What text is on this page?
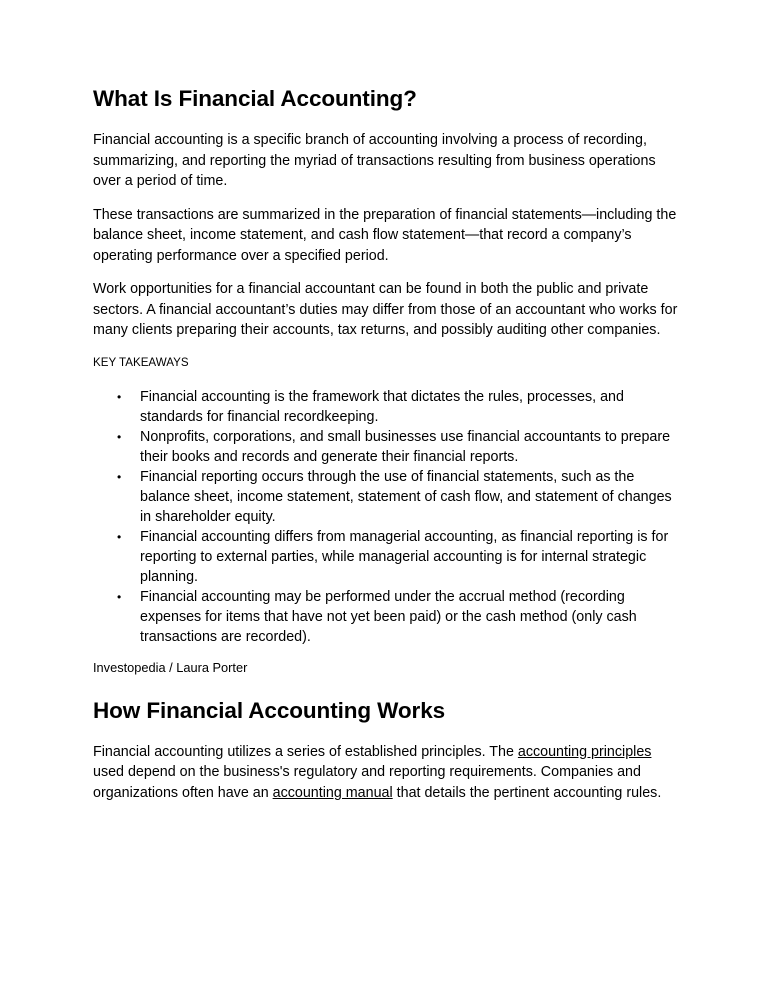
What Is Financial Accounting?

Financial accounting is a specific branch of accounting involving a process of recording, summarizing, and reporting the myriad of transactions resulting from business operations over a period of time.

These transactions are summarized in the preparation of financial statements—including the balance sheet, income statement, and cash flow statement—that record a company’s operating performance over a specified period.

Work opportunities for a financial accountant can be found in both the public and private sectors. A financial accountant’s duties may differ from those of an accountant who works for many clients preparing their accounts, tax returns, and possibly auditing other companies.

KEY TAKEAWAYS
• Financial accounting is the framework that dictates the rules, processes, and standards for financial recordkeeping.
• Nonprofits, corporations, and small businesses use financial accountants to prepare their books and records and generate their financial reports.
• Financial reporting occurs through the use of financial statements, such as the balance sheet, income statement, statement of cash flow, and statement of changes in shareholder equity.
• Financial accounting differs from managerial accounting, as financial reporting is for reporting to external parties, while managerial accounting is for internal strategic planning.
• Financial accounting may be performed under the accrual method (recording expenses for items that have not yet been paid) or the cash method (only cash transactions are recorded).
Investopedia / Laura Porter
How Financial Accounting Works

Financial accounting utilizes a series of established principles. The accounting principles used depend on the business's regulatory and reporting requirements. Companies and organizations often have an accounting manual that details the pertinent accounting rules.
